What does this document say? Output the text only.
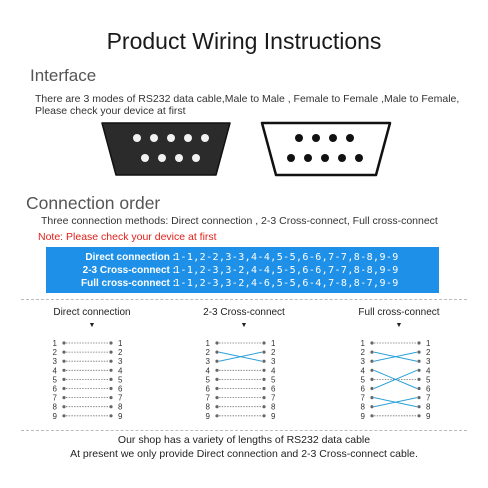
Product Wiring Instructions
Interface
There are 3 modes of RS232 data cable,Male to Male , Female to Female ,Male to Female,
Please check your device at first
Connection order
Three connection methods: Direct connection , 2-3 Cross-connect, Full cross-connect
Note: Please check your device at first
Direct connection :
1-1,2-2,3-3,4-4,5-5,6-6,7-7,8-8,9-9
2-3 Cross-connect :
1-1,2-3,3-2,4-4,5-5,6-6,7-7,8-8,9-9
Full cross-connect :
1-1,2-3,3-2,4-6,5-5,6-4,7-8,8-7,9-9
Direct connection
▼
2-3 Cross-connect
▼
Full cross-connect
▼
1	1
2	2
3	3
4	4
5	5
6	6
7	7
8	8
9	9
1	1
2	2
3	3
4	4
5	5
6	6
7	7
8	8
9	9
1	1
2	2
3	3
4	4
5	5
6	6
7	7
8	8
9	9
Our shop has a variety of lengths of RS232 data cable
At present we only provide Direct connection and 2-3 Cross-connect cable.
